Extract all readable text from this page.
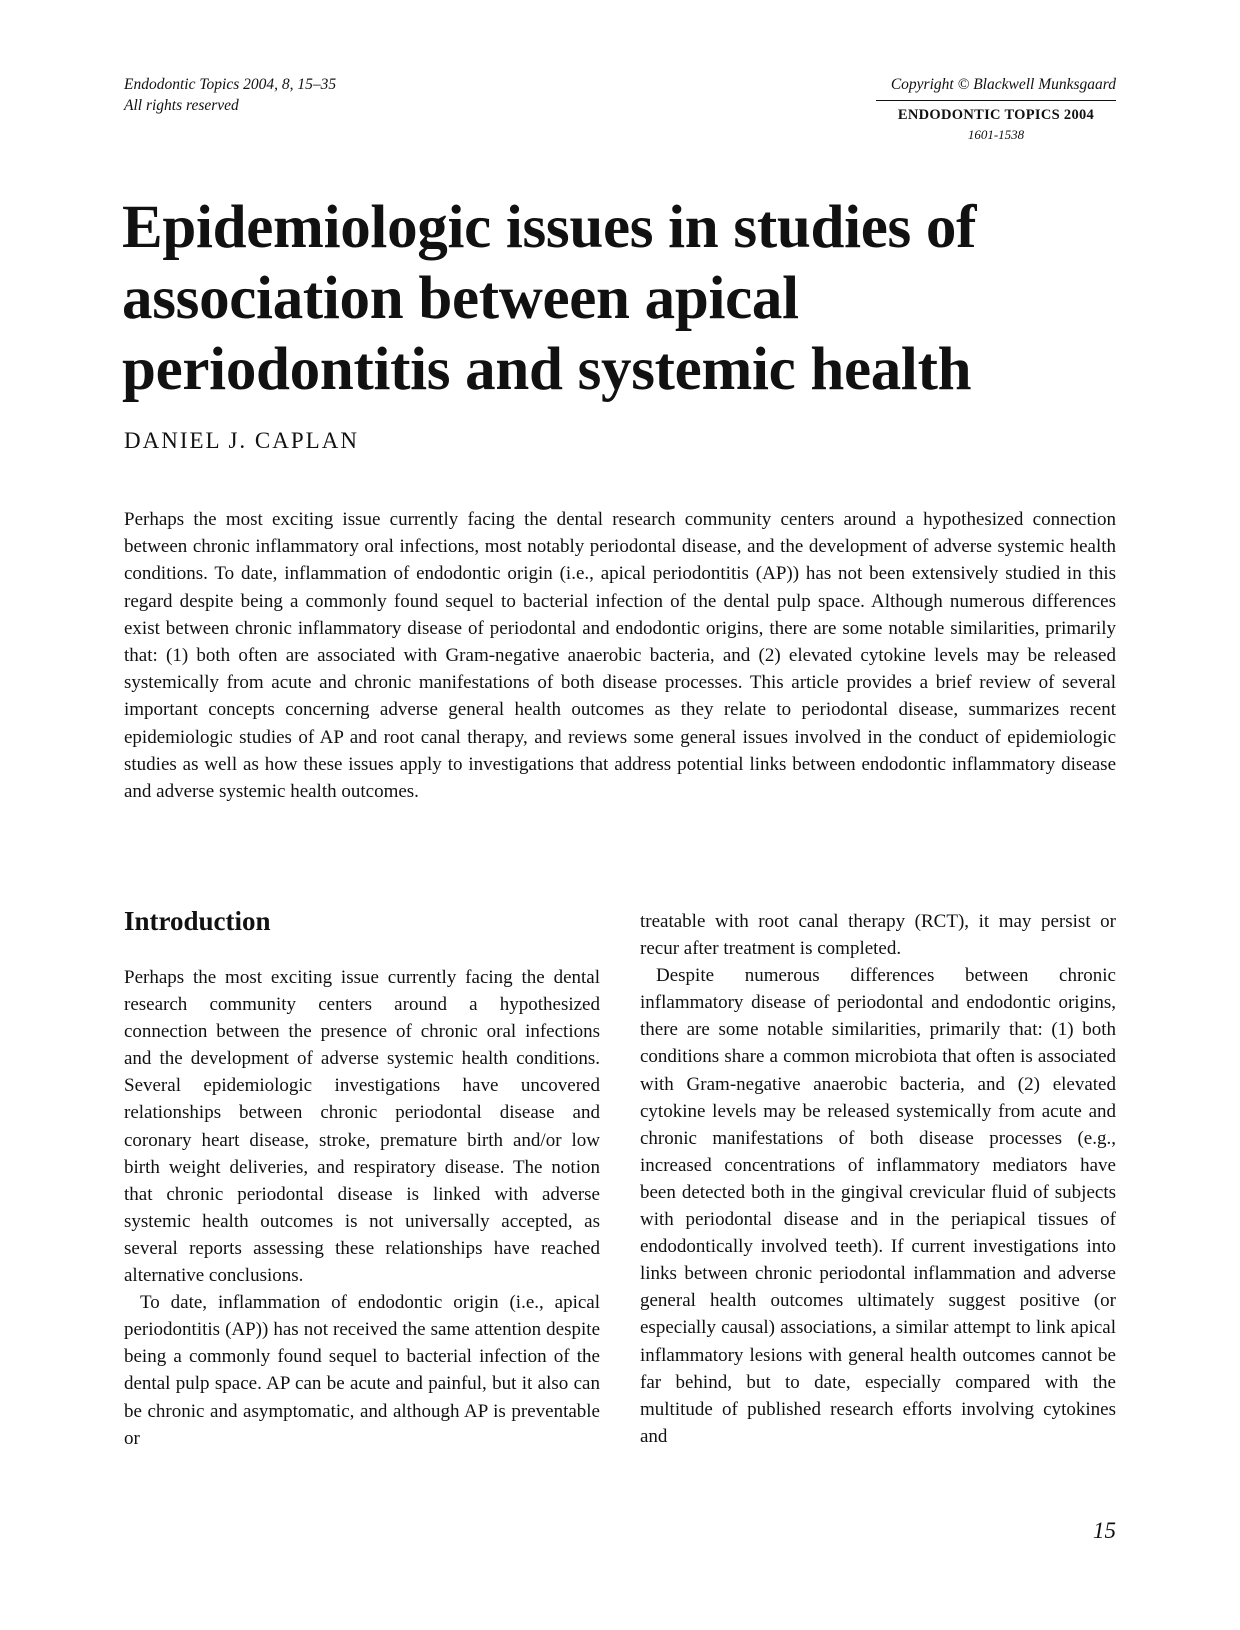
Endodontic Topics 2004, 8, 15–35
All rights reserved
Copyright © Blackwell Munksgaard
ENDODONTIC TOPICS 2004
1601-1538
Epidemiologic issues in studies of association between apical periodontitis and systemic health
DANIEL J. CAPLAN

Perhaps the most exciting issue currently facing the dental research community centers around a hypothesized connection between chronic inflammatory oral infections, most notably periodontal disease, and the development of adverse systemic health conditions. To date, inflammation of endodontic origin (i.e., apical periodontitis (AP)) has not been extensively studied in this regard despite being a commonly found sequel to bacterial infection of the dental pulp space. Although numerous differences exist between chronic inflammatory disease of periodontal and endodontic origins, there are some notable similarities, primarily that: (1) both often are associated with Gram-negative anaerobic bacteria, and (2) elevated cytokine levels may be released systemically from acute and chronic manifestations of both disease processes. This article provides a brief review of several important concepts concerning adverse general health outcomes as they relate to periodontal disease, summarizes recent epidemiologic studies of AP and root canal therapy, and reviews some general issues involved in the conduct of epidemiologic studies as well as how these issues apply to investigations that address potential links between endodontic inflammatory disease and adverse systemic health outcomes.

Introduction

Perhaps the most exciting issue currently facing the dental research community centers around a hypothesized connection between the presence of chronic oral infections and the development of adverse systemic health conditions. Several epidemiologic investigations have uncovered relationships between chronic periodontal disease and coronary heart disease, stroke, premature birth and/or low birth weight deliveries, and respiratory disease. The notion that chronic periodontal disease is linked with adverse systemic health outcomes is not universally accepted, as several reports assessing these relationships have reached alternative conclusions.

To date, inflammation of endodontic origin (i.e., apical periodontitis (AP)) has not received the same attention despite being a commonly found sequel to bacterial infection of the dental pulp space. AP can be acute and painful, but it also can be chronic and asymptomatic, and although AP is preventable or

treatable with root canal therapy (RCT), it may persist or recur after treatment is completed.

Despite numerous differences between chronic inflammatory disease of periodontal and endodontic origins, there are some notable similarities, primarily that: (1) both conditions share a common microbiota that often is associated with Gram-negative anaerobic bacteria, and (2) elevated cytokine levels may be released systemically from acute and chronic manifestations of both disease processes (e.g., increased concentrations of inflammatory mediators have been detected both in the gingival crevicular fluid of subjects with periodontal disease and in the periapical tissues of endodontically involved teeth). If current investigations into links between chronic periodontal inflammation and adverse general health outcomes ultimately suggest positive (or especially causal) associations, a similar attempt to link apical inflammatory lesions with general health outcomes cannot be far behind, but to date, especially compared with the multitude of published research efforts involving cytokines and

15
